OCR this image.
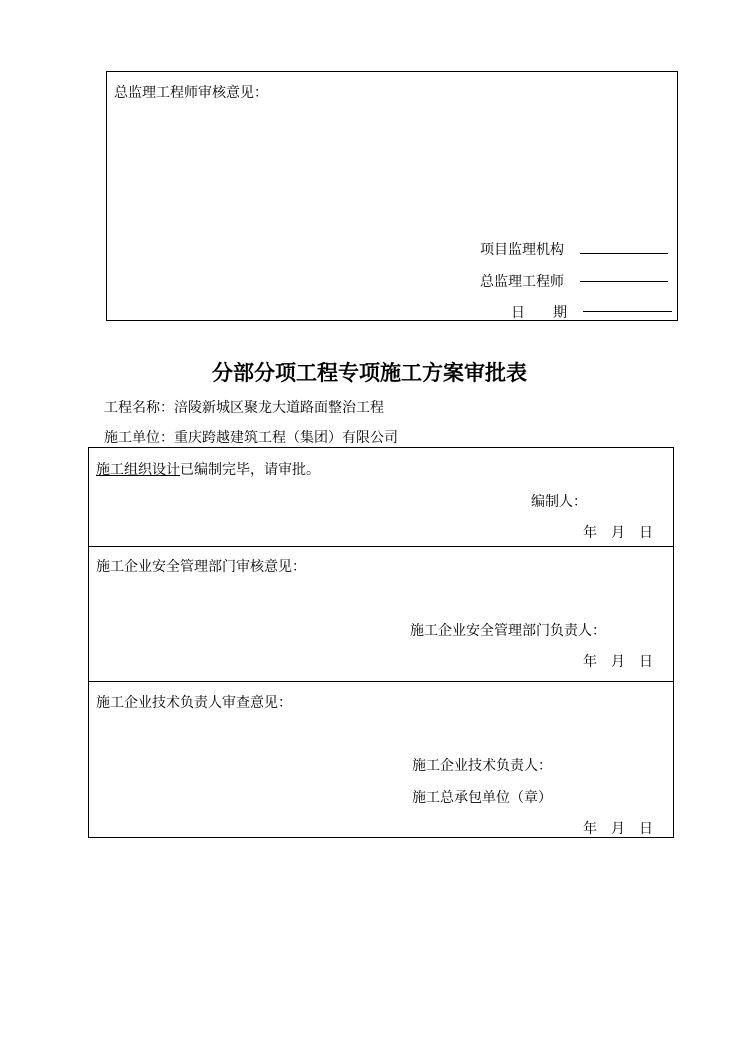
总监理工程师审核意见：
项目监理机构
总监理工程师
日　　期
分部分项工程专项施工方案审批表
工程名称：涪陵新城区聚龙大道路面整治工程
施工单位：重庆跨越建筑工程（集团）有限公司
施工组织设计已编制完毕，请审批。
编制人：
年　月　日
施工企业安全管理部门审核意见：
施工企业安全管理部门负责人：
年　月　日
施工企业技术负责人审查意见：
施工企业技术负责人：
施工总承包单位（章）
年　月　日
